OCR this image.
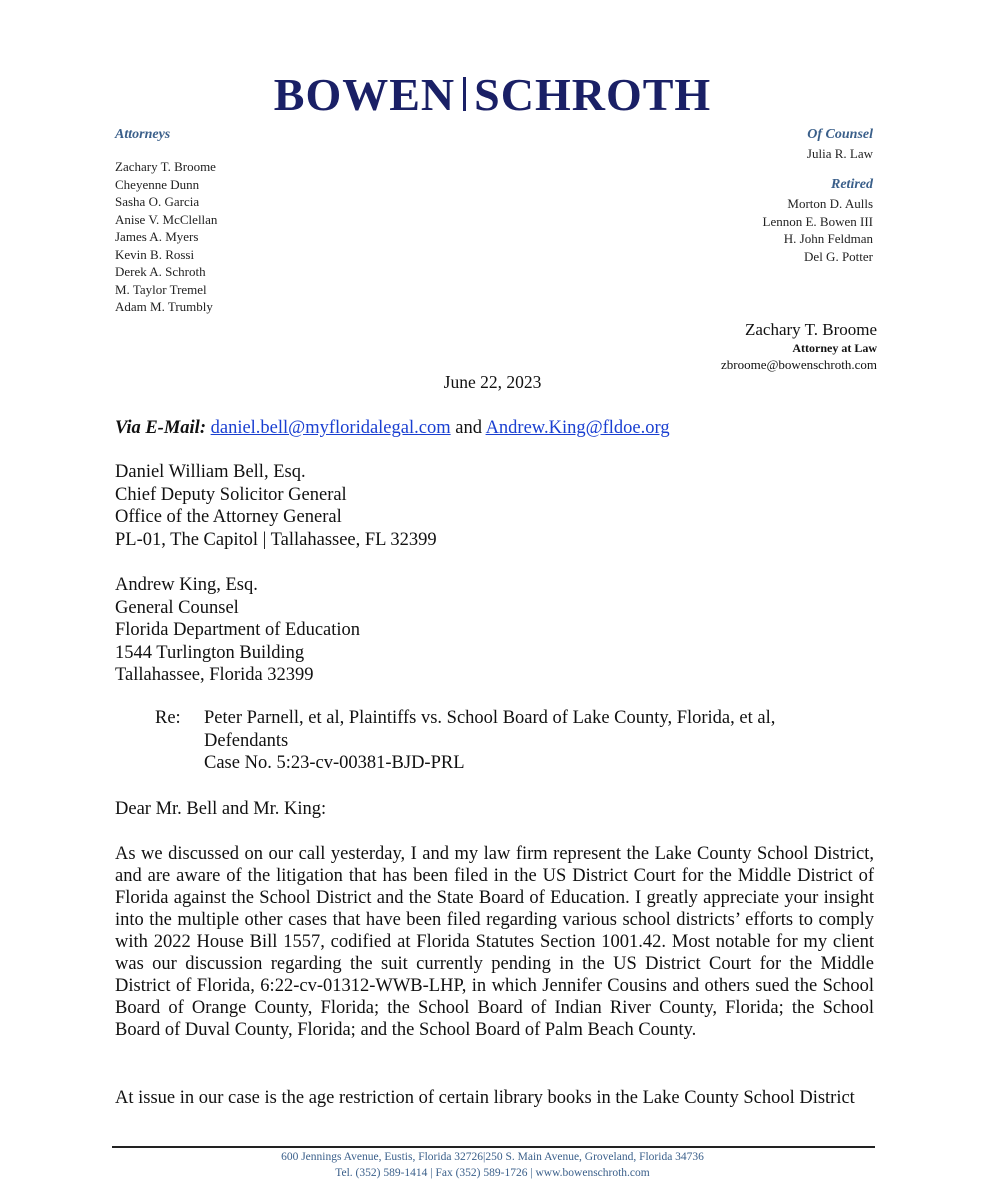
BOWEN SCHROTH
Attorneys
Zachary T. Broome
Cheyenne Dunn
Sasha O. Garcia
Anise V. McClellan
James A. Myers
Kevin B. Rossi
Derek A. Schroth
M. Taylor Tremel
Adam M. Trumbly
Of Counsel
Julia R. Law
Retired
Morton D. Aulls
Lennon E. Bowen III
H. John Feldman
Del G. Potter
Zachary T. Broome
Attorney at Law
zbroome@bowenschroth.com
June 22, 2023
Via E-Mail: daniel.bell@myfloridalegal.com and Andrew.King@fldoe.org
Daniel William Bell, Esq.
Chief Deputy Solicitor General
Office of the Attorney General
PL-01, The Capitol | Tallahassee, FL 32399
Andrew King, Esq.
General Counsel
Florida Department of Education
1544 Turlington Building
Tallahassee, Florida 32399
Re: Peter Parnell, et al, Plaintiffs vs. School Board of Lake County, Florida, et al,
Defendants
Case No. 5:23-cv-00381-BJD-PRL
Dear Mr. Bell and Mr. King:
As we discussed on our call yesterday, I and my law firm represent the Lake County School District, and are aware of the litigation that has been filed in the US District Court for the Middle District of Florida against the School District and the State Board of Education. I greatly appreciate your insight into the multiple other cases that have been filed regarding various school districts’ efforts to comply with 2022 House Bill 1557, codified at Florida Statutes Section 1001.42. Most notable for my client was our discussion regarding the suit currently pending in the US District Court for the Middle District of Florida, 6:22-cv-01312-WWB-LHP, in which Jennifer Cousins and others sued the School Board of Orange County, Florida; the School Board of Indian River County, Florida; the School Board of Duval County, Florida; and the School Board of Palm Beach County.
At issue in our case is the age restriction of certain library books in the Lake County School District
600 Jennings Avenue, Eustis, Florida 32726|250 S. Main Avenue, Groveland, Florida 34736
Tel. (352) 589-1414 | Fax (352) 589-1726 | www.bowenschroth.com
